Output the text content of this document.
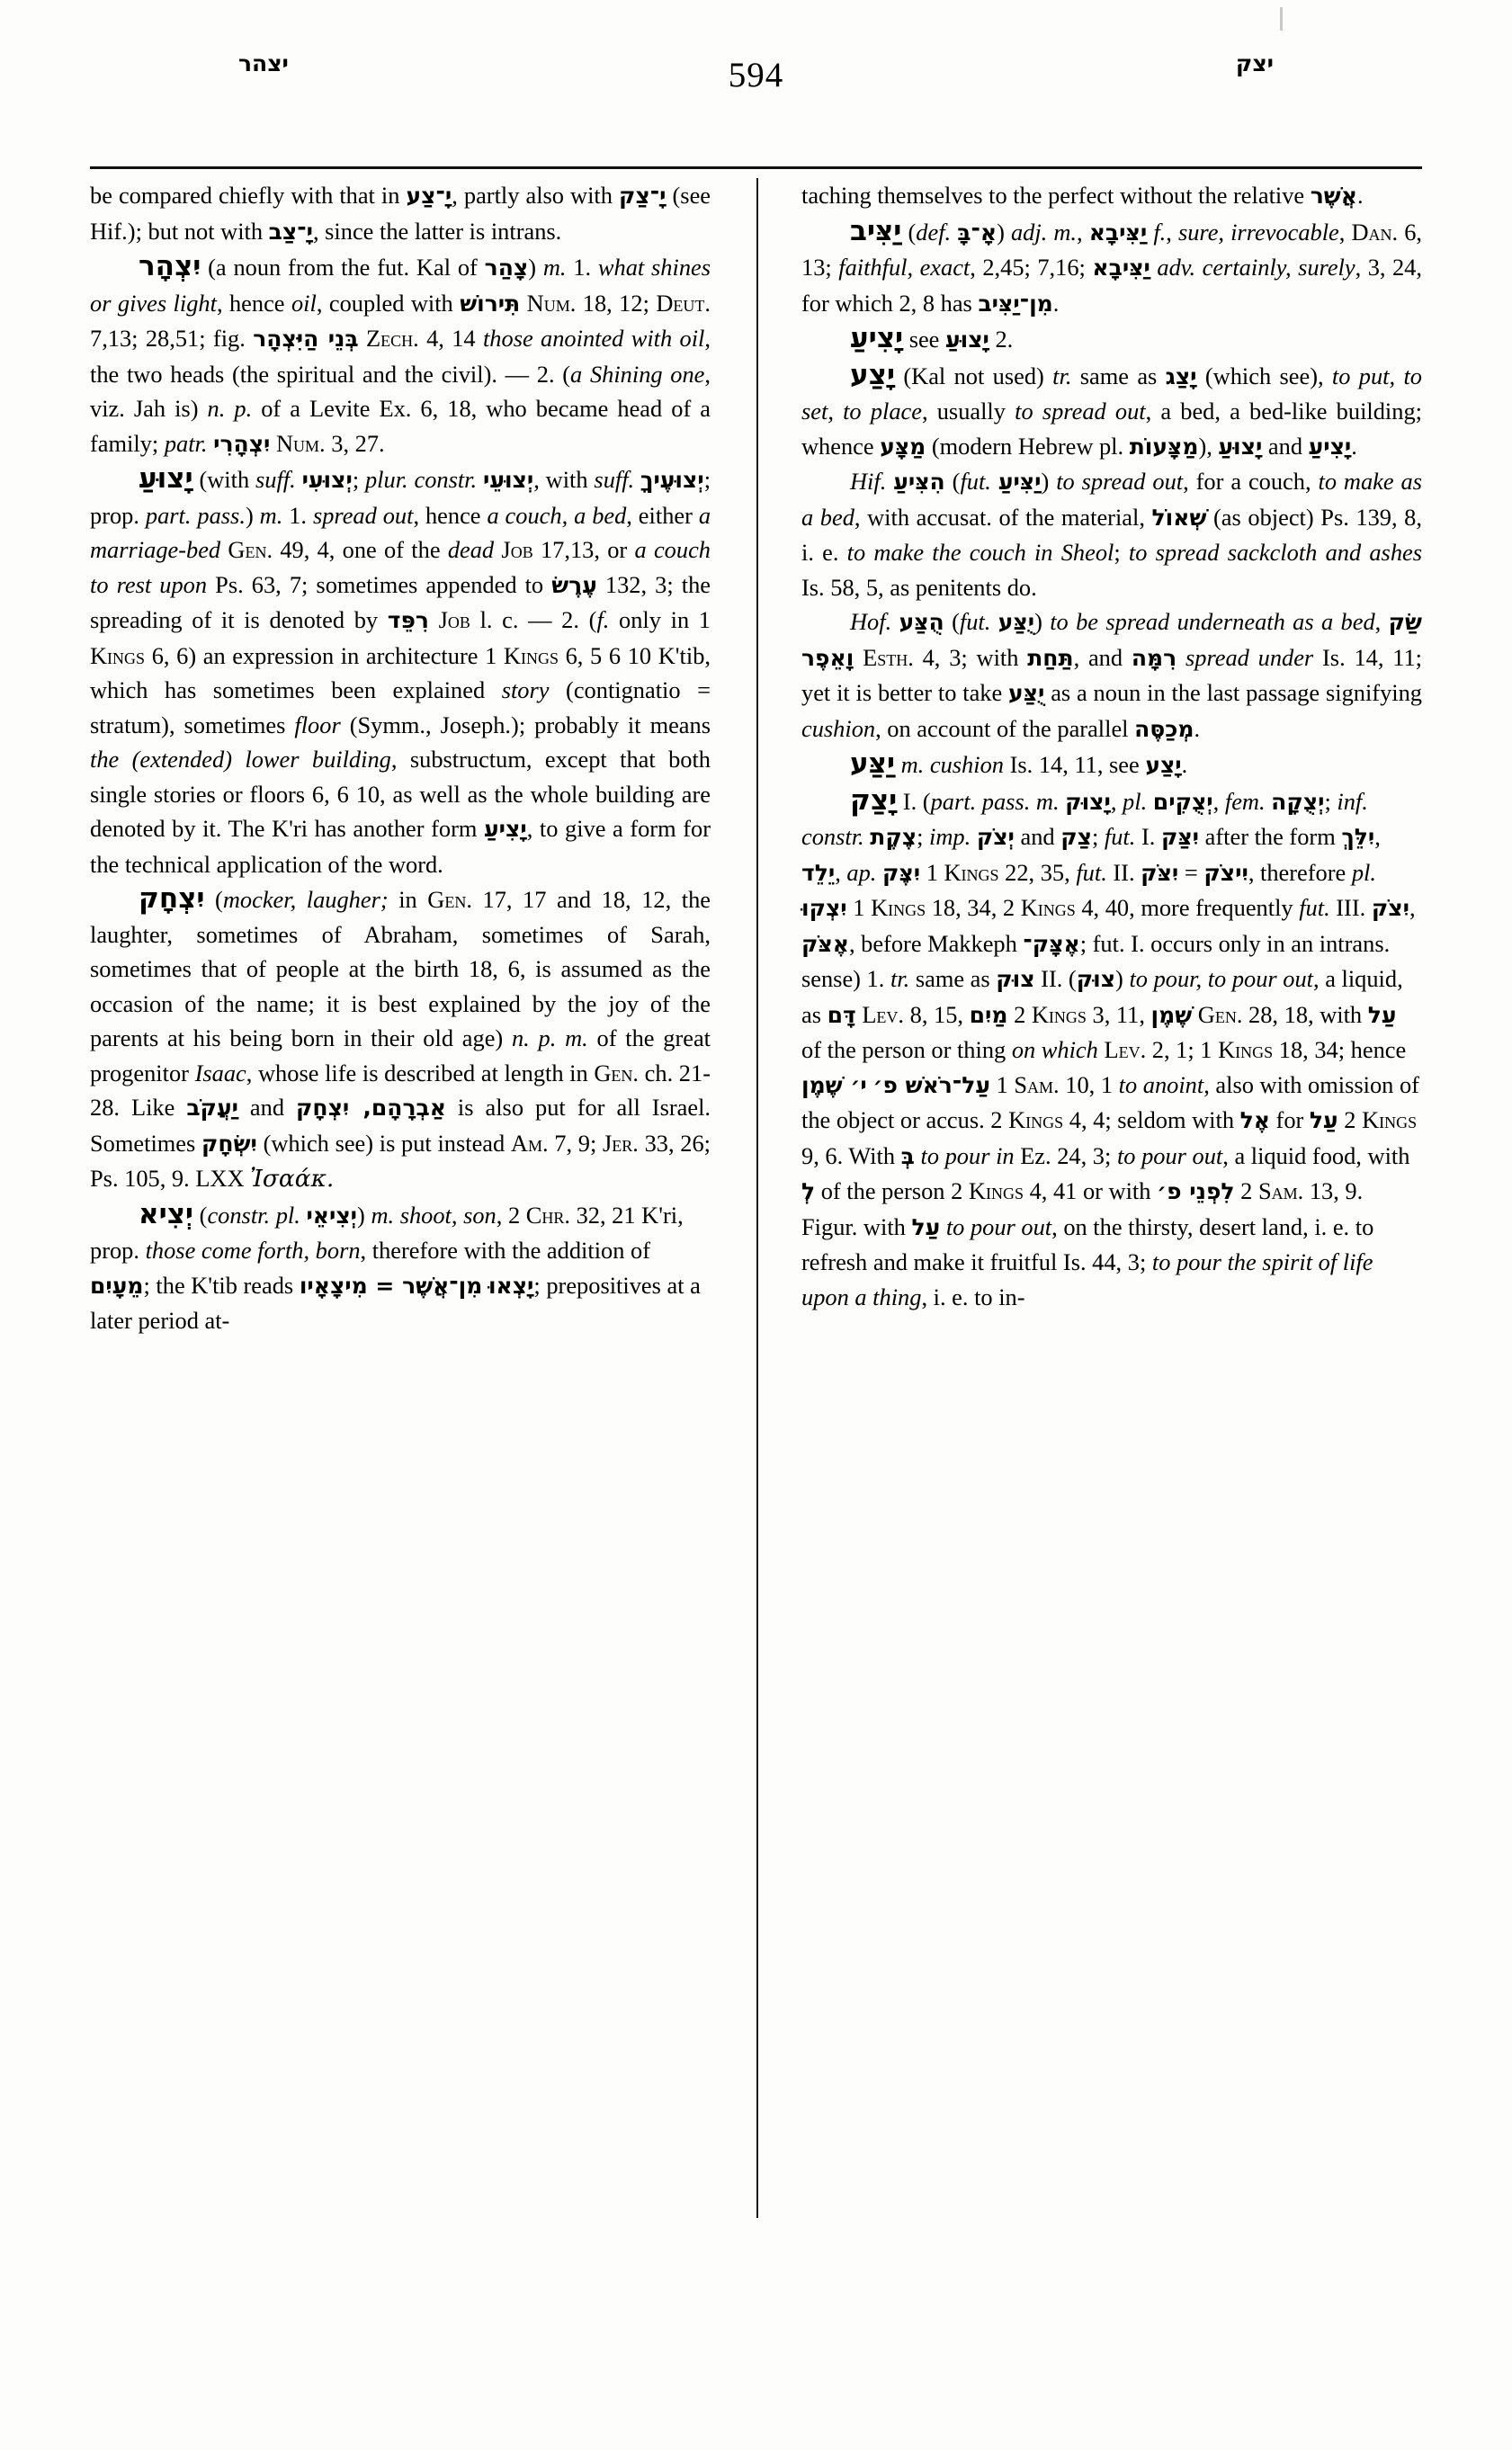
יצהר	594	יצק

be compared chiefly with that in יָ־צַע, partly also with יָ־צַק (see Hif.); but not with יָ־צַב, since the latter is intrans.

יִצְהָר (a noun from the fut. Kal of צָהַר) m. 1. what shines or gives light, hence oil, coupled with תִּירוֹשׁ Num. 18, 12; Deut. 7,13; 28,51; fig. בְּנֵי הַיִּצְהָר Zech. 4, 14 those anointed with oil, the two heads (the spiritual and the civil). — 2. (a Shining one, viz. Jah is) n. p. of a Levite Ex. 6, 18, who became head of a family; patr. יִצְהָרִי Num. 3, 27.

יָצוּעַ (with suff. יְצוּעִי; plur. constr. יְצוּעֵי, with suff. יְצוּעֶיךָ; prop. part. pass.) m. 1. spread out, hence a couch, a bed, either a marriage-bed Gen. 49, 4, one of the dead Job 17,13, or a couch to rest upon Ps. 63, 7; sometimes appended to עֶרֶשׂ 132, 3; the spreading of it is denoted by רִפֵּד Job l. c. — 2. (f. only in 1 Kings 6, 6) an expression in architecture 1 Kings 6, 5 6 10 K'tib, which has sometimes been explained story (contignatio = stratum), sometimes floor (Symm., Joseph.); probably it means the (extended) lower building, substructum, except that both single stories or floors 6, 6 10, as well as the whole building are denoted by it. The K'ri has another form יָצִיעַ, to give a form for the technical application of the word.

יִצְחָק (mocker, laugher; in Gen. 17, 17 and 18, 12, the laughter, sometimes of Abraham, sometimes of Sarah, sometimes that of people at the birth 18, 6, is assumed as the occasion of the name; it is best explained by the joy of the parents at his being born in their old age) n. p. m. of the great progenitor Isaac, whose life is described at length in Gen. ch. 21-28. Like יַעֲקֹב and אַבְרָהָם, יִצְחָק is also put for all Israel. Sometimes יִשְׂחָק (which see) is put instead Am. 7, 9; Jer. 33, 26; Ps. 105, 9. LXX Ἰσαάκ.

יְצִיא (constr. pl. יְצִיאֵי) m. shoot, son, 2 Chr. 32, 21 K'ri, prop. those come forth, born, therefore with the addition of מֵעָיִם; the K'tib reads מִן־אֲשֶׁר = מִיצָאָיו יָצְאוּ; prepositives at a later period at-

taching themselves to the perfect without the relative אֲשֶׁר.

יַצִּיב (def. אָ־בָּ) adj. m., יַצִּיבָא f., sure, irrevocable, Dan. 6, 13; faithful, exact, 2,45; 7,16; יַצִּיבָא adv. certainly, surely, 3, 24, for which 2, 8 has מִן־יַצִּיב.

יָצִיעַ see יָצוּעַ 2.

יָצַע (Kal not used) tr. same as יָצַג (which see), to put, to set, to place, usually to spread out, a bed, a bed-like building; whence מַצָּע (modern Hebrew pl. מַצָּעוֹת), יָצוּעַ and יָצִיעַ.

Hif. הִצִּיעַ (fut. יַצִּיעַ) to spread out, for a couch, to make as a bed, with accusat. of the material, שְׁאוֹל (as object) Ps. 139, 8, i. e. to make the couch in Sheol; to spread sackcloth and ashes Is. 58, 5, as penitents do.

Hof. הֻצַּע (fut. יֻצַּע) to be spread underneath as a bed, שַׂק וָאֵפֶר Esth. 4, 3; with תַּחַת, and רִמָּה spread under Is. 14, 11; yet it is better to take יֻצַּע as a noun in the last passage signifying cushion, on account of the parallel מְכַסֶּה.

יַצַּע m. cushion Is. 14, 11, see יָצַע.

יָצַק I. (part. pass. m. יָצוּק, pl. יְצֻקִים, fem. יְצֻקָה; inf. constr. צֶקֶת; imp. יְצֹק and צַק; fut. I. יִצַּק after the form יִלֵּךְ, יֵלֵד, ap. יִצֶּק 1 Kings 22, 35, fut. II. יִצֹּק = יִיצֹק, therefore pl. יִצְקוּ 1 Kings 18, 34, 2 Kings 4, 40, more frequently fut. III. יִצֹק, אֶצֹּק, before Makkeph אֶצָּק־; fut. I. occurs only in an intrans. sense) 1. tr. same as צוּק II. (צוּק) to pour, to pour out, a liquid, as דָּם Lev. 8, 15, מַיִם 2 Kings 3, 11, שֶׁמֶן Gen. 28, 18, with עַל of the person or thing on which Lev. 2, 1; 1 Kings 18, 34; hence י׳ שֶׁמֶן עַל־רֹאשׁ פ׳ 1 Sam. 10, 1 to anoint, also with omission of the object or accus. 2 Kings 4, 4; seldom with אֶל for עַל 2 Kings 9, 6. With בְּ to pour in Ez. 24, 3; to pour out, a liquid food, with לְ of the person 2 Kings 4, 41 or with לִפְנֵי פ׳ 2 Sam. 13, 9. Figur. with עַל to pour out, on the thirsty, desert land, i. e. to refresh and make it fruitful Is. 44, 3; to pour the spirit of life upon a thing, i. e. to in-
